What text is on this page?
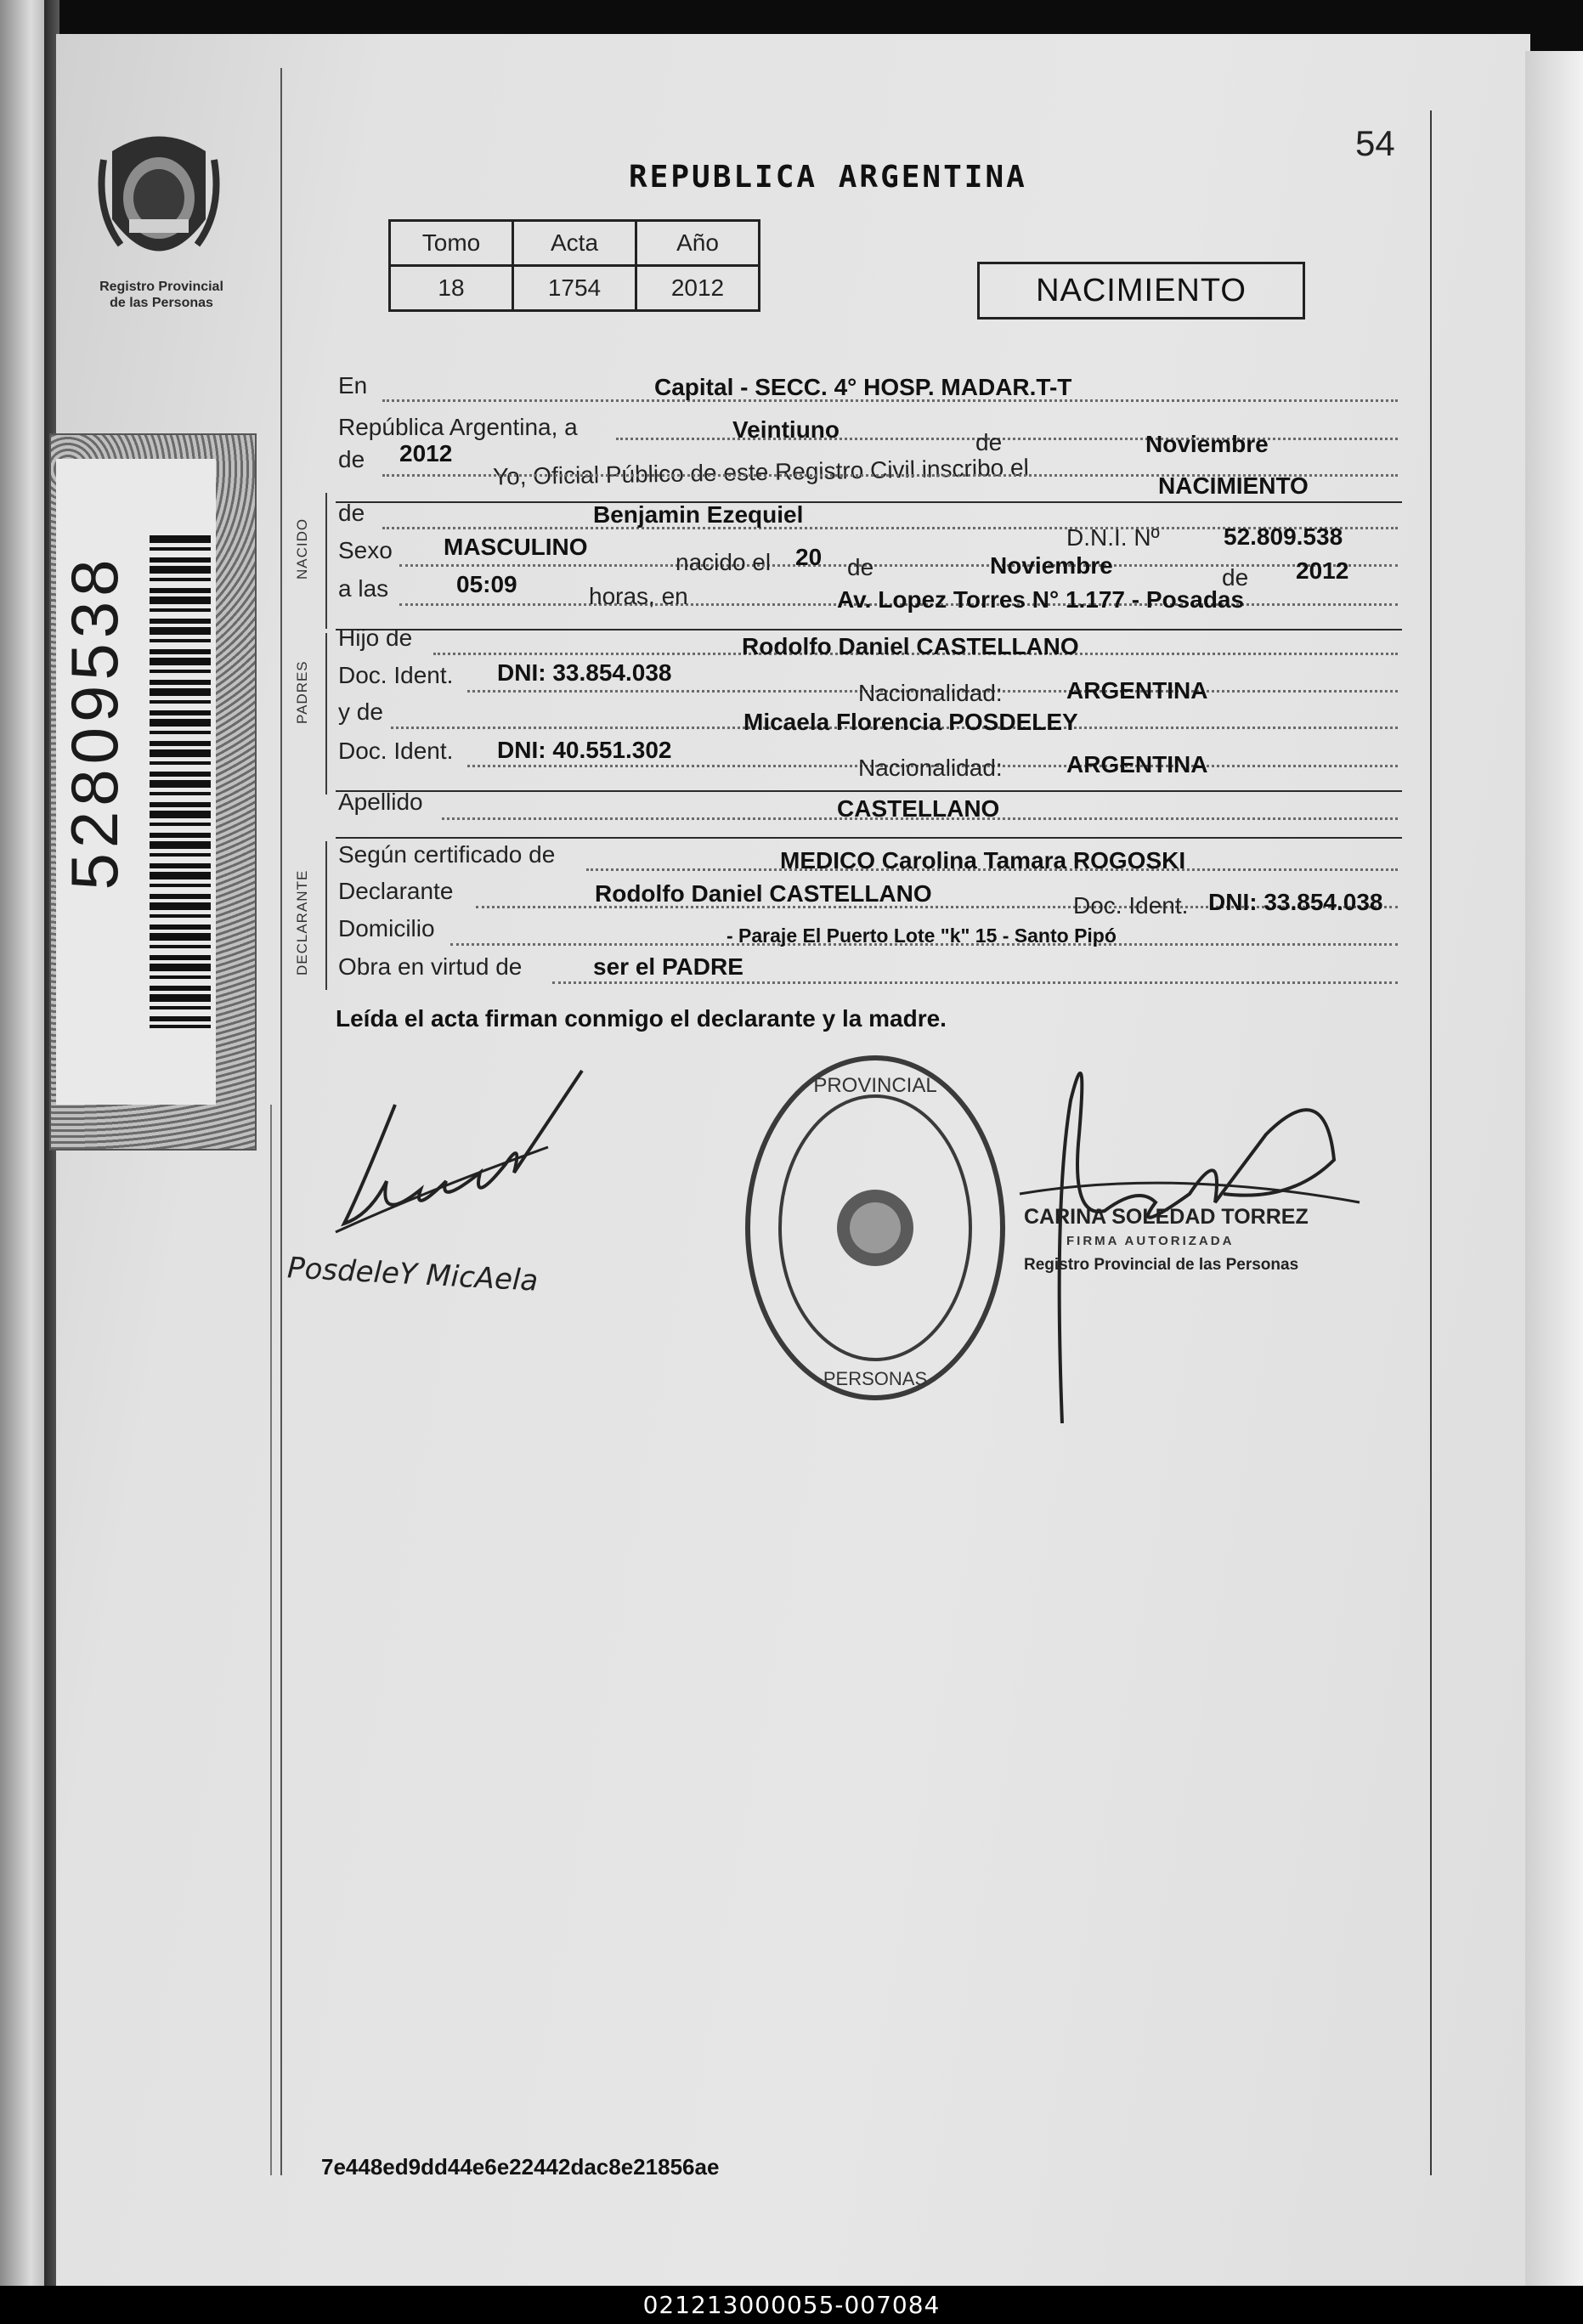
Registro Provincial
de las Personas
52809538
54
REPUBLICA ARGENTINA
Tomo	Acta	Año
18	1754	2012	NACIMIENTO
NACIDO
PADRES
DECLARANTE
En	Capital - SECC. 4° HOSP. MADAR.T-T
República Argentina, a	Veintiuno	de	Noviembre
de 2012
Yo, Oficial Público de este Registro Civil inscribo el	NACIMIENTO
de	Benjamin Ezequiel
D.N.I. Nº	52.809.538
Sexo MASCULINO
nacido el 20 de	Noviembre	de 2012
a las	05:09	horas, en	Av. Lopez Torres N° 1.177 - Posadas
Hijo de	Rodolfo Daniel CASTELLANO
Doc. Ident. DNI: 33.854.038
Nacionalidad:	ARGENTINA
y de	Micaela Florencia POSDELEY
Doc. Ident. DNI: 40.551.302
Nacionalidad:	ARGENTINA
Apellido	CASTELLANO
Según certificado de	MEDICO Carolina Tamara ROGOSKI
Declarante	Rodolfo Daniel CASTELLANO	Doc. Ident. DNI: 33.854.038
Domicilio	- Paraje El Puerto Lote "k" 15 - Santo Pipó
Obra en virtud de	ser el PADRE
Leída el acta firman conmigo el declarante y la madre.
PosdeleY MicAela
PROVINCIAL
PERSONAS
CARINA SOLEDAD TORREZ
FIRMA AUTORIZADA
Registro Provincial de las Personas
7e448ed9dd44e6e22442dac8e21856ae
021213000055-007084
